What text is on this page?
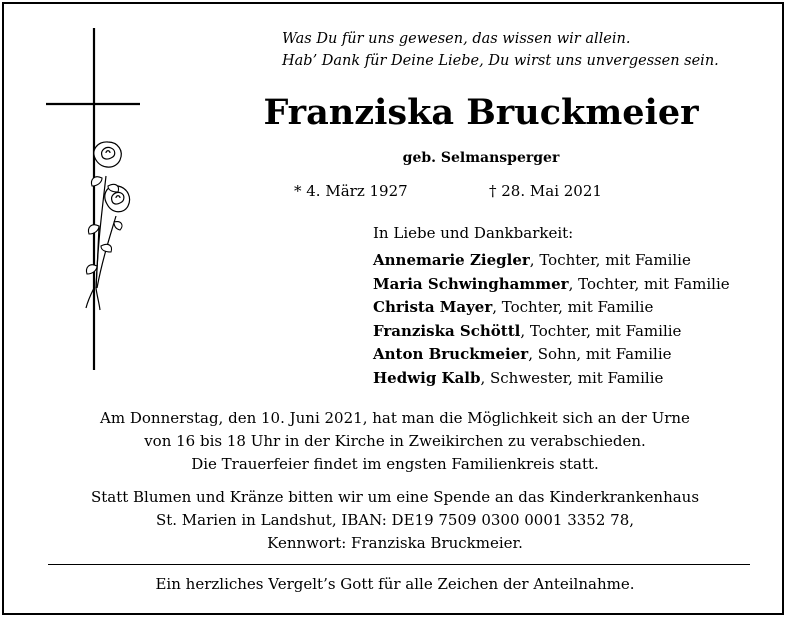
Was Du für uns gewesen, das wissen wir allein.
Hab’ Dank für Deine Liebe, Du wirst uns unvergessen sein.
Franziska Bruckmeier
geb. Selmansperger
* 4. März 1927	† 28. Mai 2021
In Liebe und Dankbarkeit:
Annemarie Ziegler, Tochter, mit Familie
Maria Schwinghammer, Tochter, mit Familie
Christa Mayer, Tochter, mit Familie
Franziska Schöttl, Tochter, mit Familie
Anton Bruckmeier, Sohn, mit Familie
Hedwig Kalb, Schwester, mit Familie
Am Donnerstag, den 10. Juni 2021, hat man die Möglichkeit sich an der Urne
von 16 bis 18 Uhr in der Kirche in Zweikirchen zu verabschieden.
Die Trauerfeier findet im engsten Familienkreis statt.
Statt Blumen und Kränze bitten wir um eine Spende an das Kinderkrankenhaus
St. Marien in Landshut, IBAN: DE19 7509 0300 0001 3352 78,
Kennwort: Franziska Bruckmeier.
Ein herzliches Vergelt’s Gott für alle Zeichen der Anteilnahme.
